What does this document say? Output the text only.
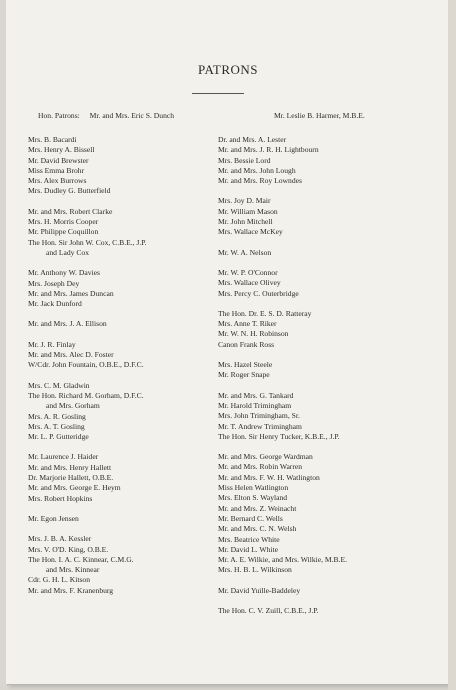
PATRONS
Hon. Patrons: Mr. and Mrs. Eric S. Dunch	Mr. Leslie B. Harmer, M.B.E.
Mrs. B. Bacardi
Mrs. Henry A. Bissell
Mr. David Brewster
Miss Emma Brohr
Mrs. Alex Burrows
Mrs. Dudley G. Butterfield
Mr. and Mrs. Robert Clarke
Mrs. H. Morris Cooper
Mr. Philippe Coquillon
The Hon. Sir John W. Cox, C.B.E., J.P.
and Lady Cox
Mr. Anthony W. Davies
Mrs. Joseph Dey
Mr. and Mrs. James Duncan
Mr. Jack Dunford
Mr. and Mrs. J. A. Ellison
Mr. J. R. Finlay
Mr. and Mrs. Alec D. Foster
W/Cdr. John Fountain, O.B.E., D.F.C.
Mrs. C. M. Gladwin
The Hon. Richard M. Gorham, D.F.C.
and Mrs. Gorham
Mrs. A. R. Gosling
Mrs. A. T. Gosling
Mr. L. P. Gutteridge
Mr. Laurence J. Haider
Mr. and Mrs. Henry Hallett
Dr. Marjorie Hallett, O.B.E.
Mr. and Mrs. George E. Heym
Mrs. Robert Hopkins
Mr. Egon Jensen
Mrs. J. B. A. Kessler
Mrs. V. O'D. King, O.B.E.
The Hon. I. A. C. Kinnear, C.M.G.
and Mrs. Kinnear
Cdr. G. H. L. Kitson
Mr. and Mrs. F. Kranenburg
Dr. and Mrs. A. Lester
Mr. and Mrs. J. R. H. Lightbourn
Mrs. Bessie Lord
Mr. and Mrs. John Lough
Mr. and Mrs. Roy Lowndes
Mrs. Joy D. Mair
Mr. William Mason
Mr. John Mitchell
Mrs. Wallace McKey
Mr. W. A. Nelson
Mr. W. P. O'Connor
Mrs. Wallace Olivey
Mrs. Percy C. Outerbridge
The Hon. Dr. E. S. D. Ratteray
Mrs. Anne T. Riker
Mr. W. N. H. Robinson
Canon Frank Ross
Mrs. Hazel Steele
Mr. Roger Snape
Mr. and Mrs. G. Tankard
Mr. Harold Trimingham
Mrs. John Trimingham, Sr.
Mr. T. Andrew Trimingham
The Hon. Sir Henry Tucker, K.B.E., J.P.
Mr. and Mrs. George Wardman
Mr. and Mrs. Robin Warren
Mr. and Mrs. F. W. H. Watlington
Miss Helen Watlington
Mrs. Elton S. Wayland
Mr. and Mrs. Z. Weinacht
Mr. Bernard C. Wells
Mr. and Mrs. C. N. Welsh
Mrs. Beatrice White
Mr. David L. White
Mr. A. E. Wilkie, and Mrs. Wilkie, M.B.E.
Mrs. H. B. L. Wilkinson
Mr. David Yuille-Baddeley
The Hon. C. V. Zuill, C.B.E., J.P.
